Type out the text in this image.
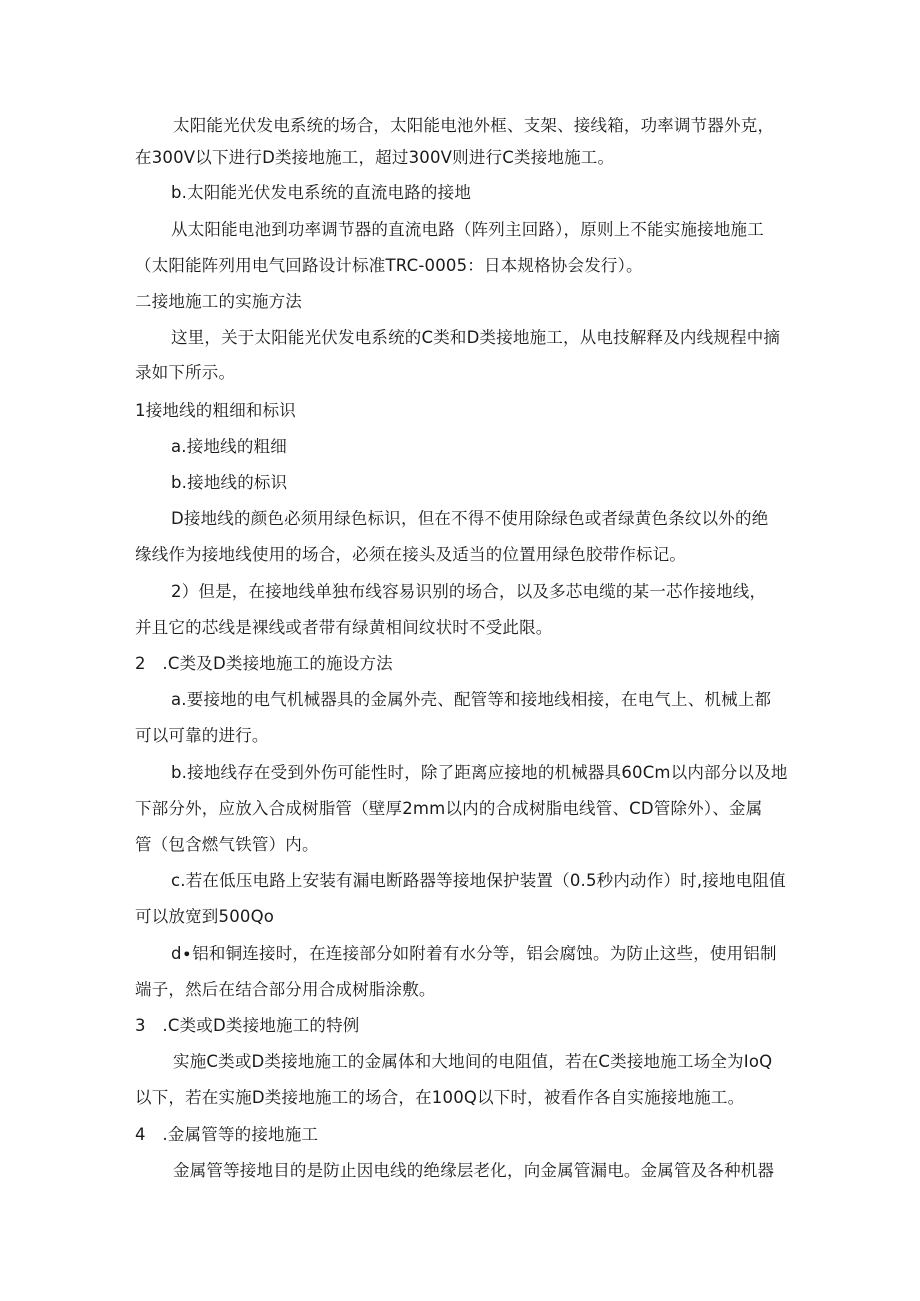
太阳能光伏发电系统的场合，太阳能电池外框、支架、接线箱，功率调节器外克，
在300V以下进行D类接地施工，超过300V则进行C类接地施工。
b.太阳能光伏发电系统的直流电路的接地
从太阳能电池到功率调节器的直流电路（阵列主回路），原则上不能实施接地施工
（太阳能阵列用电气回路设计标准TRC-0005：日本规格协会发行）。
二接地施工的实施方法
这里，关于太阳能光伏发电系统的C类和D类接地施工，从电技解释及内线规程中摘
录如下所示。
1接地线的粗细和标识
a.接地线的粗细
b.接地线的标识
D接地线的颜色必须用绿色标识，但在不得不使用除绿色或者绿黄色条纹以外的绝
缘线作为接地线使用的场合，必须在接头及适当的位置用绿色胶带作标记。
2）但是，在接地线单独布线容易识别的场合，以及多芯电缆的某一芯作接地线，
并且它的芯线是裸线或者带有绿黄相间纹状时不受此限。
2　.C类及D类接地施工的施设方法
a.要接地的电气机械器具的金属外壳、配管等和接地线相接，在电气上、机械上都
可以可靠的进行。
b.接地线存在受到外伤可能性时，除了距离应接地的机械器具60Cm以内部分以及地
下部分外，应放入合成树脂管（壁厚2mm以内的合成树脂电线管、CD管除外）、金属
管（包含燃气铁管）内。
c.若在低压电路上安装有漏电断路器等接地保护装置（0.5秒内动作）时,接地电阻值
可以放宽到500Qo
d∙铝和铜连接时，在连接部分如附着有水分等，铝会腐蚀。为防止这些，使用铝制
端子，然后在结合部分用合成树脂涂敷。
3　.C类或D类接地施工的特例
实施C类或D类接地施工的金属体和大地间的电阻值，若在C类接地施工场全为IoQ
以下，若在实施D类接地施工的场合，在100Q以下时，被看作各自实施接地施工。
4　.金属管等的接地施工
金属管等接地目的是防止因电线的绝缘层老化，向金属管漏电。金属管及各种机器
